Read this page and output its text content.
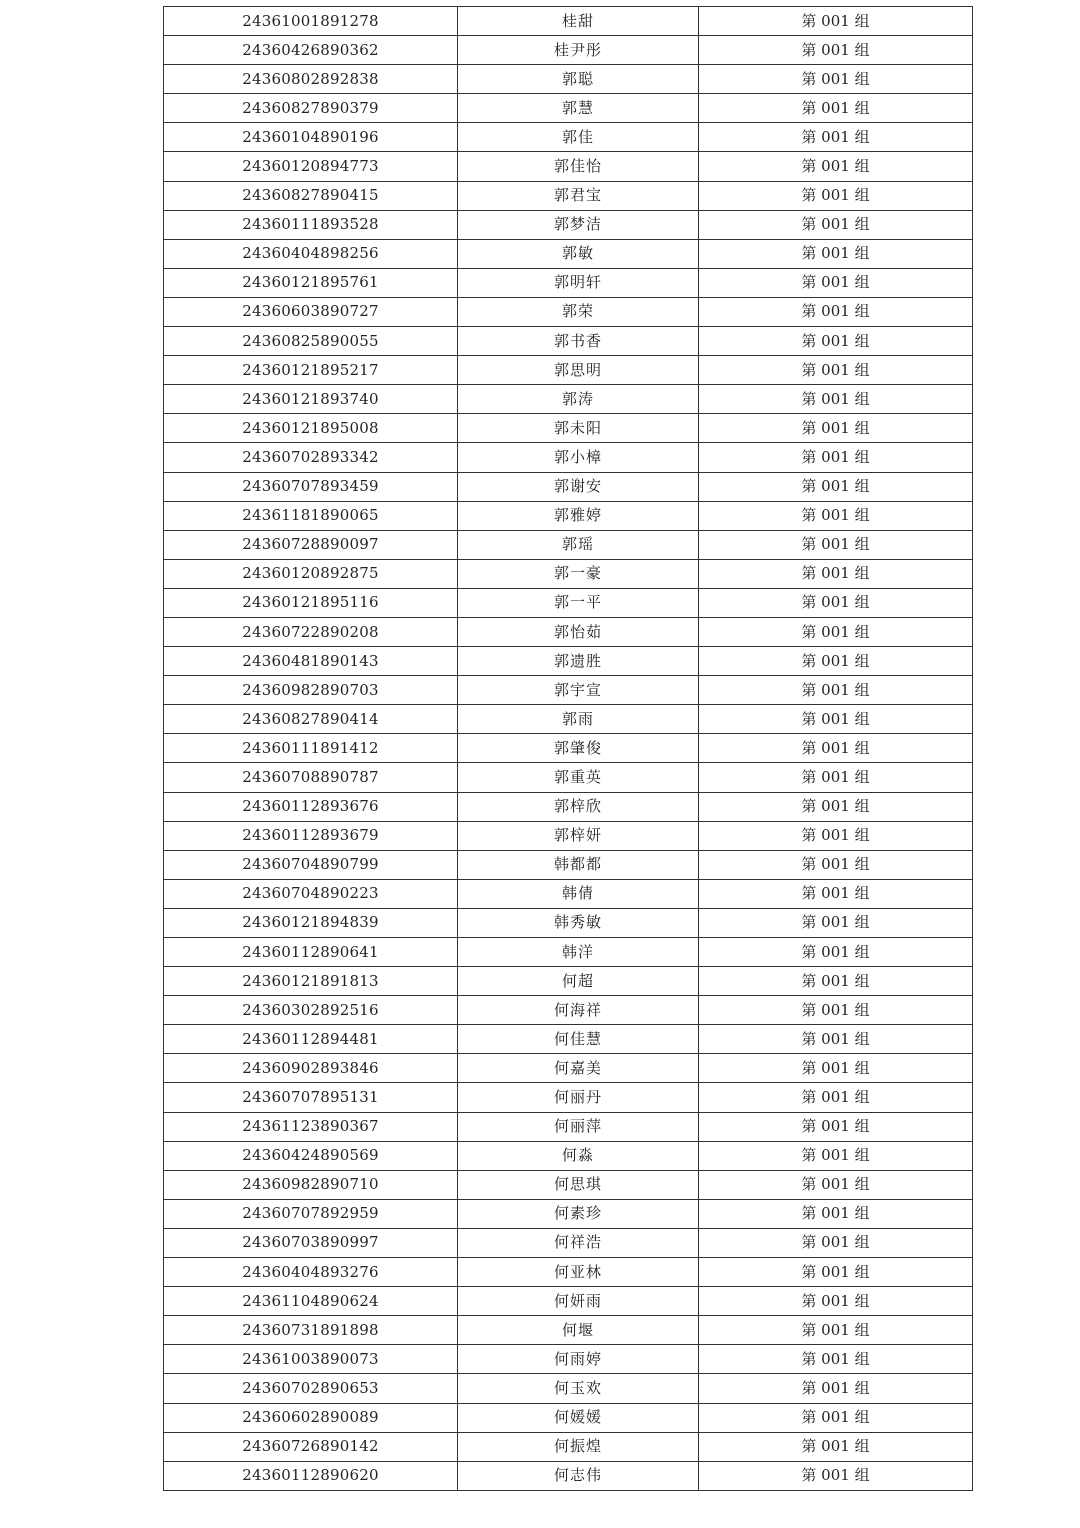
24361001891278	桂甜	第 001 组
24360426890362	桂尹彤	第 001 组
24360802892838	郭聪	第 001 组
24360827890379	郭慧	第 001 组
24360104890196	郭佳	第 001 组
24360120894773	郭佳怡	第 001 组
24360827890415	郭君宝	第 001 组
24360111893528	郭梦洁	第 001 组
24360404898256	郭敏	第 001 组
24360121895761	郭明轩	第 001 组
24360603890727	郭荣	第 001 组
24360825890055	郭书香	第 001 组
24360121895217	郭思明	第 001 组
24360121893740	郭涛	第 001 组
24360121895008	郭未阳	第 001 组
24360702893342	郭小樟	第 001 组
24360707893459	郭谢安	第 001 组
24361181890065	郭雅婷	第 001 组
24360728890097	郭瑶	第 001 组
24360120892875	郭一豪	第 001 组
24360121895116	郭一平	第 001 组
24360722890208	郭怡茹	第 001 组
24360481890143	郭遗胜	第 001 组
24360982890703	郭宇宣	第 001 组
24360827890414	郭雨	第 001 组
24360111891412	郭肇俊	第 001 组
24360708890787	郭重英	第 001 组
24360112893676	郭梓欣	第 001 组
24360112893679	郭梓妍	第 001 组
24360704890799	韩都都	第 001 组
24360704890223	韩倩	第 001 组
24360121894839	韩秀敏	第 001 组
24360112890641	韩洋	第 001 组
24360121891813	何超	第 001 组
24360302892516	何海祥	第 001 组
24360112894481	何佳慧	第 001 组
24360902893846	何嘉美	第 001 组
24360707895131	何丽丹	第 001 组
24361123890367	何丽萍	第 001 组
24360424890569	何淼	第 001 组
24360982890710	何思琪	第 001 组
24360707892959	何素珍	第 001 组
24360703890997	何祥浩	第 001 组
24360404893276	何亚林	第 001 组
24361104890624	何妍雨	第 001 组
24360731891898	何堰	第 001 组
24361003890073	何雨婷	第 001 组
24360702890653	何玉欢	第 001 组
24360602890089	何媛媛	第 001 组
24360726890142	何振煌	第 001 组
24360112890620	何志伟	第 001 组
